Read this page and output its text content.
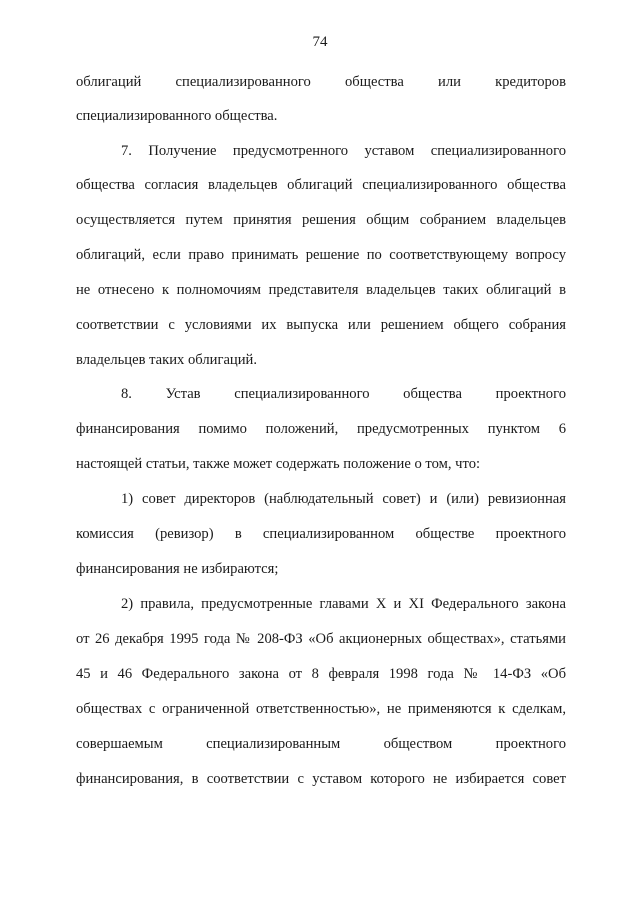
74
облигаций специализированного общества или кредиторов
специализированного общества.
7. Получение предусмотренного уставом специализированного
общества согласия владельцев облигаций специализированного общества
осуществляется путем принятия решения общим собранием владельцев
облигаций, если право принимать решение по соответствующему вопросу
не отнесено к полномочиям представителя владельцев таких облигаций в
соответствии с условиями их выпуска или решением общего собрания
владельцев таких облигаций.
8. Устав специализированного общества проектного
финансирования помимо положений, предусмотренных пунктом 6
настоящей статьи, также может содержать положение о том, что:
1) совет директоров (наблюдательный совет) и (или) ревизионная
комиссия (ревизор) в специализированном обществе проектного
финансирования не избираются;
2) правила, предусмотренные главами X и XI Федерального закона
от 26 декабря 1995 года № 208-ФЗ «Об акционерных обществах», статьями
45 и 46 Федерального закона от 8 февраля 1998 года № 14-ФЗ «Об
обществах с ограниченной ответственностью», не применяются к сделкам,
совершаемым специализированным обществом проектного
финансирования, в соответствии с уставом которого не избирается совет
